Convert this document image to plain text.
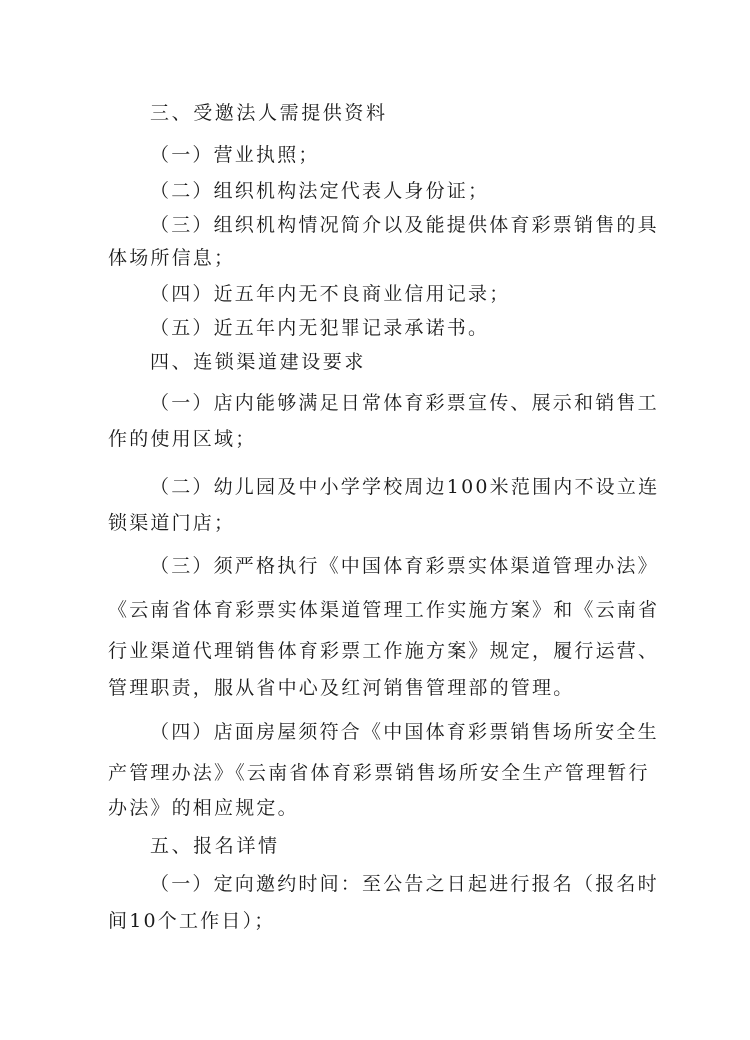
三、受邀法人需提供资料
（一）营业执照；
（二）组织机构法定代表人身份证；
（三）组织机构情况简介以及能提供体育彩票销售的具
体场所信息；
（四）近五年内无不良商业信用记录；
（五）近五年内无犯罪记录承诺书。
四、连锁渠道建设要求
（一）店内能够满足日常体育彩票宣传、展示和销售工
作的使用区域；
（二）幼儿园及中小学学校周边100米范围内不设立连
锁渠道门店；
（三）须严格执行《中国体育彩票实体渠道管理办法》
《云南省体育彩票实体渠道管理工作实施方案》和《云南省
行业渠道代理销售体育彩票工作施方案》规定，履行运营、
管理职责，服从省中心及红河销售管理部的管理。
（四）店面房屋须符合《中国体育彩票销售场所安全生
产管理办法》《云南省体育彩票销售场所安全生产管理暂行
办法》的相应规定。
五、报名详情
（一）定向邀约时间：至公告之日起进行报名（报名时
间10个工作日）；
